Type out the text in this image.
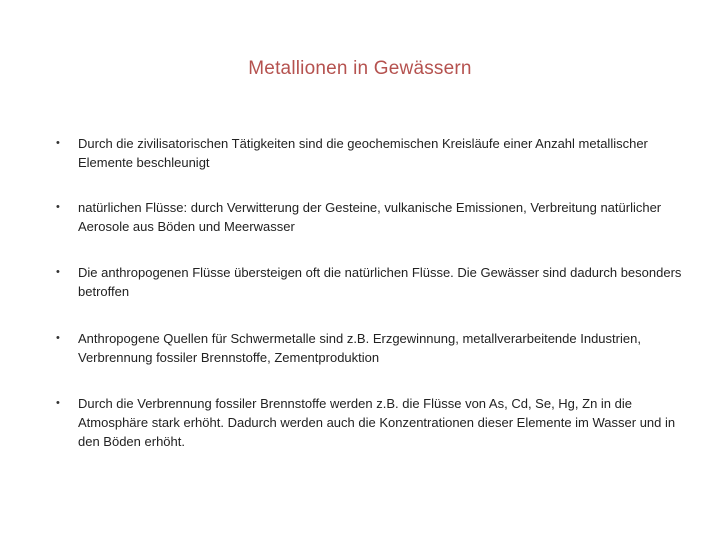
Metallionen in Gewässern
•	Durch die zivilisatorischen Tätigkeiten sind die geochemischen Kreisläufe einer Anzahl metallischer Elemente beschleunigt
•	natürlichen Flüsse: durch Verwitterung der Gesteine, vulkanische Emissionen, Verbreitung natürlicher Aerosole aus Böden und Meerwasser
•	Die anthropogenen Flüsse übersteigen oft die natürlichen Flüsse. Die Gewässer sind dadurch besonders betroffen
•	Anthropogene Quellen für Schwermetalle sind z.B. Erzgewinnung, metallverarbeitende Industrien, Verbrennung fossiler Brennstoffe, Zementproduktion
•	Durch die Verbrennung fossiler Brennstoffe werden z.B. die Flüsse von As, Cd, Se, Hg, Zn in die Atmosphäre stark erhöht. Dadurch werden auch die Konzentrationen dieser Elemente im Wasser und in den Böden erhöht.
